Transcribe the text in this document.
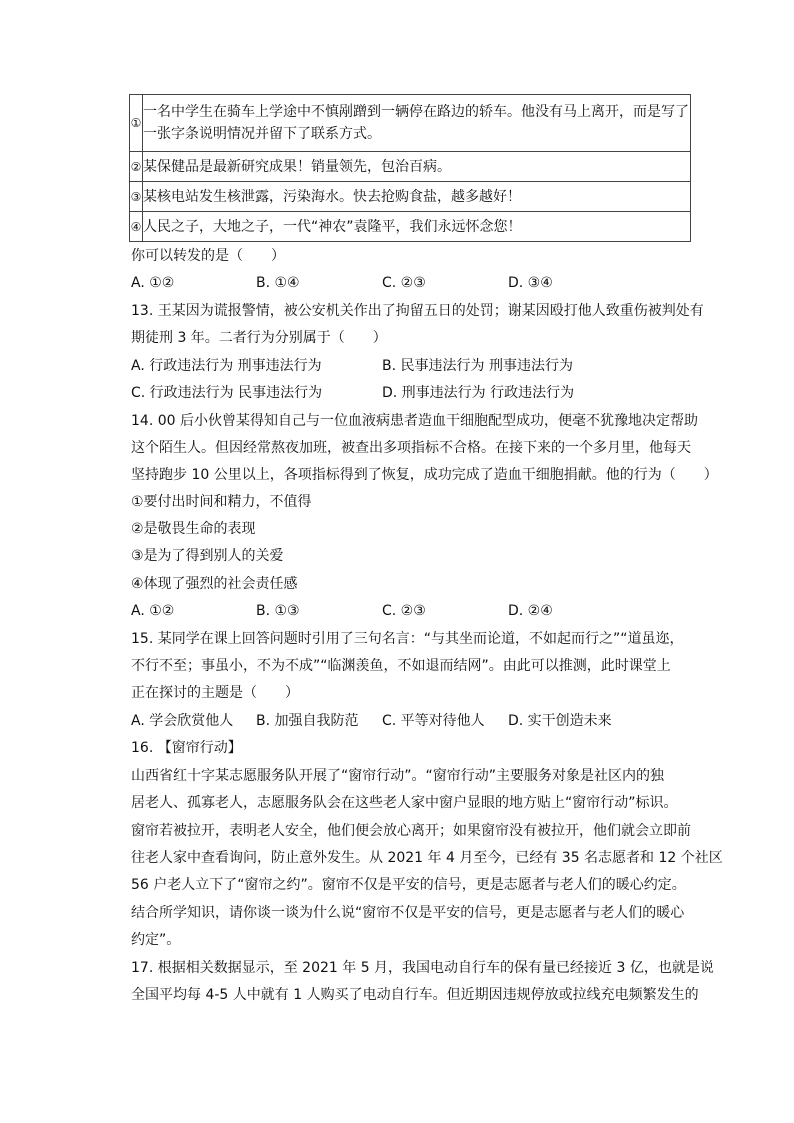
①	一名中学生在骑车上学途中不慎剐蹭到一辆停在路边的轿车。他没有马上离开，而是写了
一张字条说明情况并留下了联系方式。

②	某保健品是最新研究成果！销量领先，包治百病。
③	某核电站发生核泄露，污染海水。快去抢购食盐，越多越好！
④	人民之子，大地之子，一代“神农”袁隆平，我们永远怀念您！
你可以转发的是（　　）
A. ①②	B. ①④	C. ②③	D. ③④
13. 王某因为谎报警情，被公安机关作出了拘留五日的处罚；谢某因殴打他人致重伤被判处有
期徒刑 3 年。二者行为分别属于（　　）
A. 行政违法行为 刑事违法行为	B. 民事违法行为 刑事违法行为
C. 行政违法行为 民事违法行为	D. 刑事违法行为 行政违法行为
14. 00 后小伙曾某得知自己与一位血液病患者造血干细胞配型成功，便毫不犹豫地决定帮助
这个陌生人。但因经常熬夜加班，被查出多项指标不合格。在接下来的一个多月里，他每天
坚持跑步 10 公里以上，各项指标得到了恢复，成功完成了造血干细胞捐献。他的行为（　　）
①要付出时间和精力，不值得
②是敬畏生命的表现
③是为了得到别人的关爱
④体现了强烈的社会责任感
A. ①②	B. ①③	C. ②③	D. ②④
15. 某同学在课上回答问题时引用了三句名言：“与其坐而论道，不如起而行之”“道虽迩，
不行不至；事虽小，不为不成”“临渊羡鱼，不如退而结网”。由此可以推测，此时课堂上
正在探讨的主题是（　　）
A. 学会欣赏他人 B. 加强自我防范 C. 平等对待他人 D. 实干创造未来
16. 【窗帘行动】
山西省红十字某志愿服务队开展了“窗帘行动”。“窗帘行动”主要服务对象是社区内的独
居老人、孤寡老人，志愿服务队会在这些老人家中窗户显眼的地方贴上“窗帘行动”标识。
窗帘若被拉开，表明老人安全，他们便会放心离开；如果窗帘没有被拉开，他们就会立即前
往老人家中查看询问，防止意外发生。从 2021 年 4 月至今，已经有 35 名志愿者和 12 个社区
56 户老人立下了“窗帘之约”。窗帘不仅是平安的信号，更是志愿者与老人们的暖心约定。
结合所学知识，请你谈一谈为什么说“窗帘不仅是平安的信号，更是志愿者与老人们的暖心
约定”。
17. 根据相关数据显示，至 2021 年 5 月，我国电动自行车的保有量已经接近 3 亿，也就是说
全国平均每 4-5 人中就有 1 人购买了电动自行车。但近期因违规停放或拉线充电频繁发生的
